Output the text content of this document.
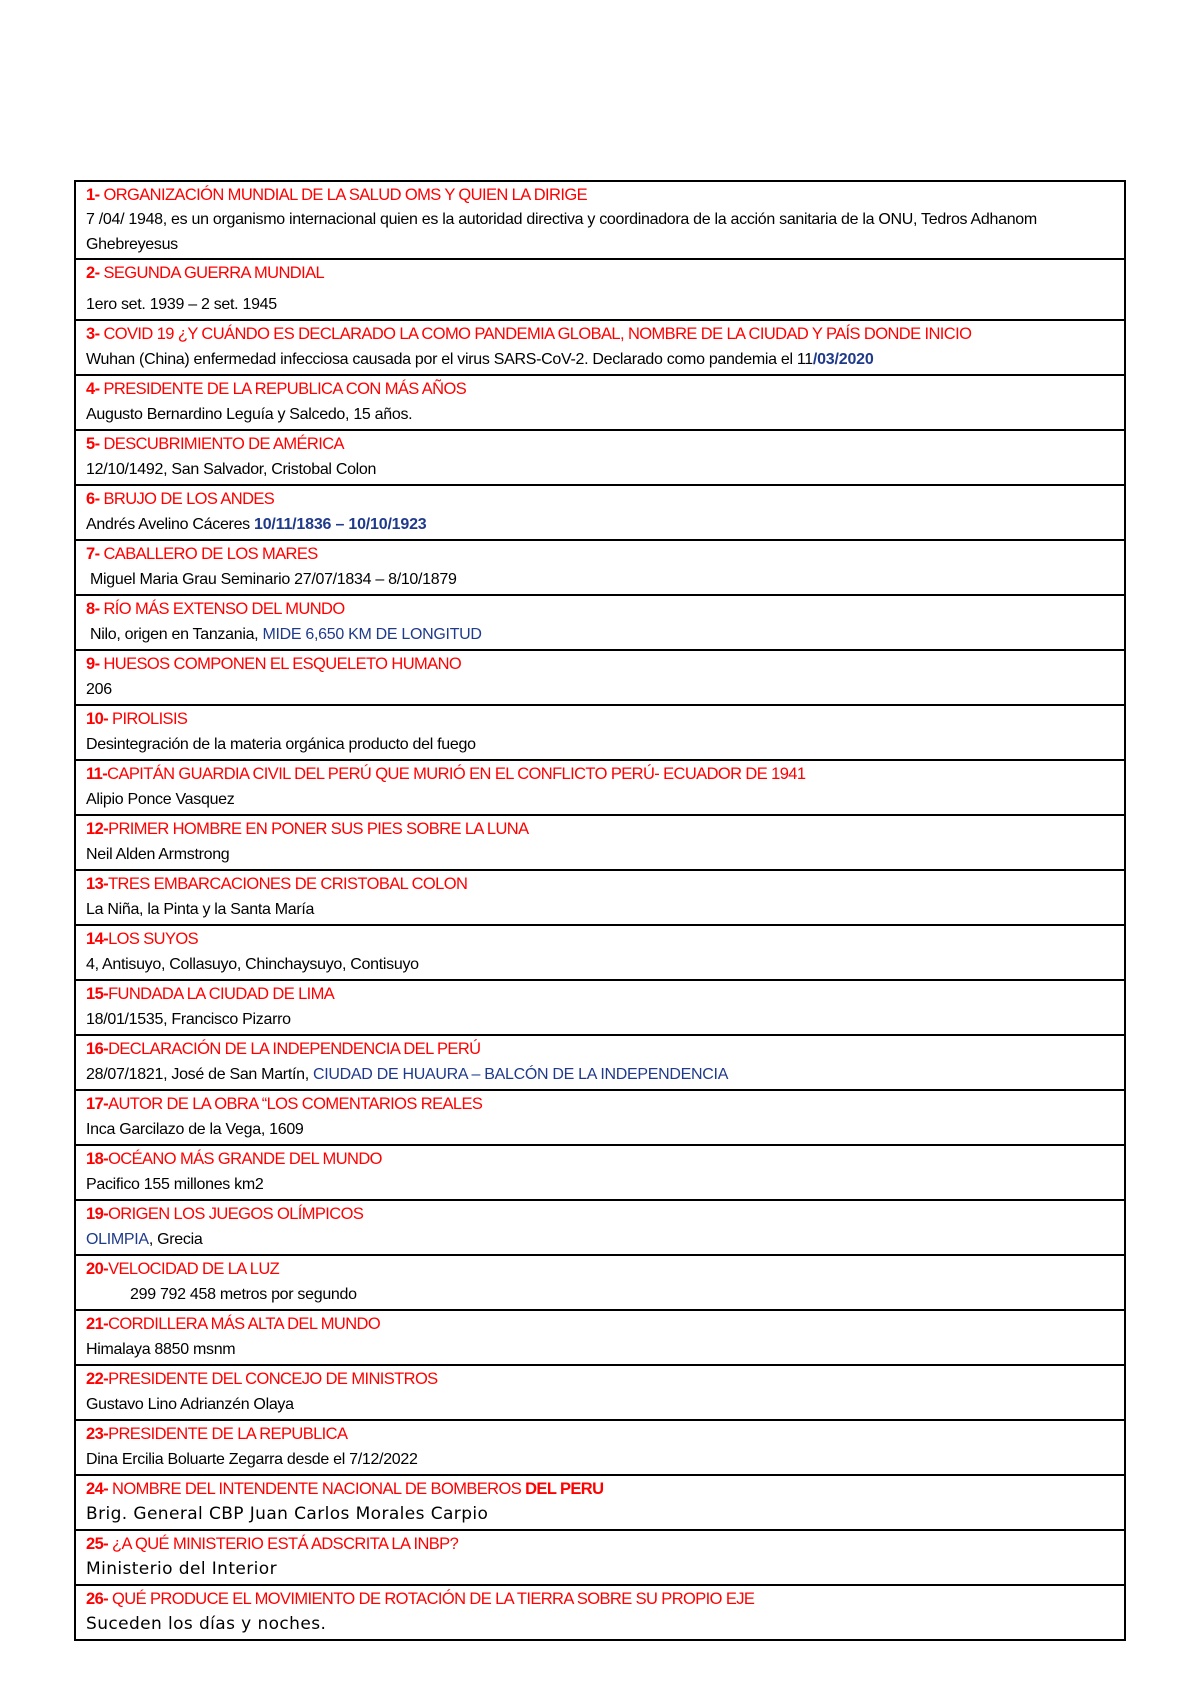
1- ORGANIZACIÓN MUNDIAL DE LA SALUD OMS Y QUIEN LA DIRIGE
7 /04/ 1948, es un organismo internacional quien es la autoridad directiva y coordinadora de la acción sanitaria de la ONU, Tedros Adhanom Ghebreyesus
2- SEGUNDA GUERRA MUNDIAL
1ero set. 1939 – 2 set. 1945
3- COVID 19 ¿Y CUÁNDO ES DECLARADO LA COMO PANDEMIA GLOBAL, NOMBRE DE LA CIUDAD Y PAÍS DONDE INICIO
Wuhan (China) enfermedad infecciosa causada por el virus SARS-CoV-2. Declarado como pandemia el 11/03/2020
4- PRESIDENTE DE LA REPUBLICA CON MÁS AÑOS
Augusto Bernardino Leguía y Salcedo, 15 años.
5- DESCUBRIMIENTO DE AMÉRICA
12/10/1492, San Salvador, Cristobal Colon
6- BRUJO DE LOS ANDES
Andrés Avelino Cáceres 10/11/1836 – 10/10/1923
7- CABALLERO DE LOS MARES
Miguel Maria Grau Seminario 27/07/1834 – 8/10/1879
8- RÍO MÁS EXTENSO DEL MUNDO
Nilo, origen en Tanzania, MIDE 6,650 KM DE LONGITUD
9- HUESOS COMPONEN EL ESQUELETO HUMANO
206
10- PIROLISIS
Desintegración de la materia orgánica producto del fuego
11-CAPITÁN GUARDIA CIVIL DEL PERÚ QUE MURIÓ EN EL CONFLICTO PERÚ- ECUADOR DE 1941
Alipio Ponce Vasquez
12-PRIMER HOMBRE EN PONER SUS PIES SOBRE LA LUNA
Neil Alden Armstrong
13-TRES EMBARCACIONES DE CRISTOBAL COLON
La Niña, la Pinta y la Santa María
14-LOS SUYOS
4, Antisuyo, Collasuyo, Chinchaysuyo, Contisuyo
15-FUNDADA LA CIUDAD DE LIMA
18/01/1535, Francisco Pizarro
16-DECLARACIÓN DE LA INDEPENDENCIA DEL PERÚ
28/07/1821, José de San Martín, CIUDAD DE HUAURA – BALCÓN DE LA INDEPENDENCIA
17-AUTOR DE LA OBRA “LOS COMENTARIOS REALES
Inca Garcilazo de la Vega, 1609
18-OCÉANO MÁS GRANDE DEL MUNDO
Pacifico 155 millones km2
19-ORIGEN LOS JUEGOS OLÍMPICOS
OLIMPIA, Grecia
20-VELOCIDAD DE LA LUZ
299 792 458 metros por segundo
21-CORDILLERA MÁS ALTA DEL MUNDO
Himalaya 8850 msnm
22-PRESIDENTE DEL CONCEJO DE MINISTROS
Gustavo Lino Adrianzén Olaya
23-PRESIDENTE DE LA REPUBLICA
Dina Ercilia Boluarte Zegarra desde el 7/12/2022
24- NOMBRE DEL INTENDENTE NACIONAL DE BOMBEROS DEL PERU
Brig. General CBP Juan Carlos Morales Carpio
25- ¿A QUÉ MINISTERIO ESTÁ ADSCRITA LA INBP?
Ministerio del Interior
26- QUÉ PRODUCE EL MOVIMIENTO DE ROTACIÓN DE LA TIERRA SOBRE SU PROPIO EJE
Suceden los días y noches.
